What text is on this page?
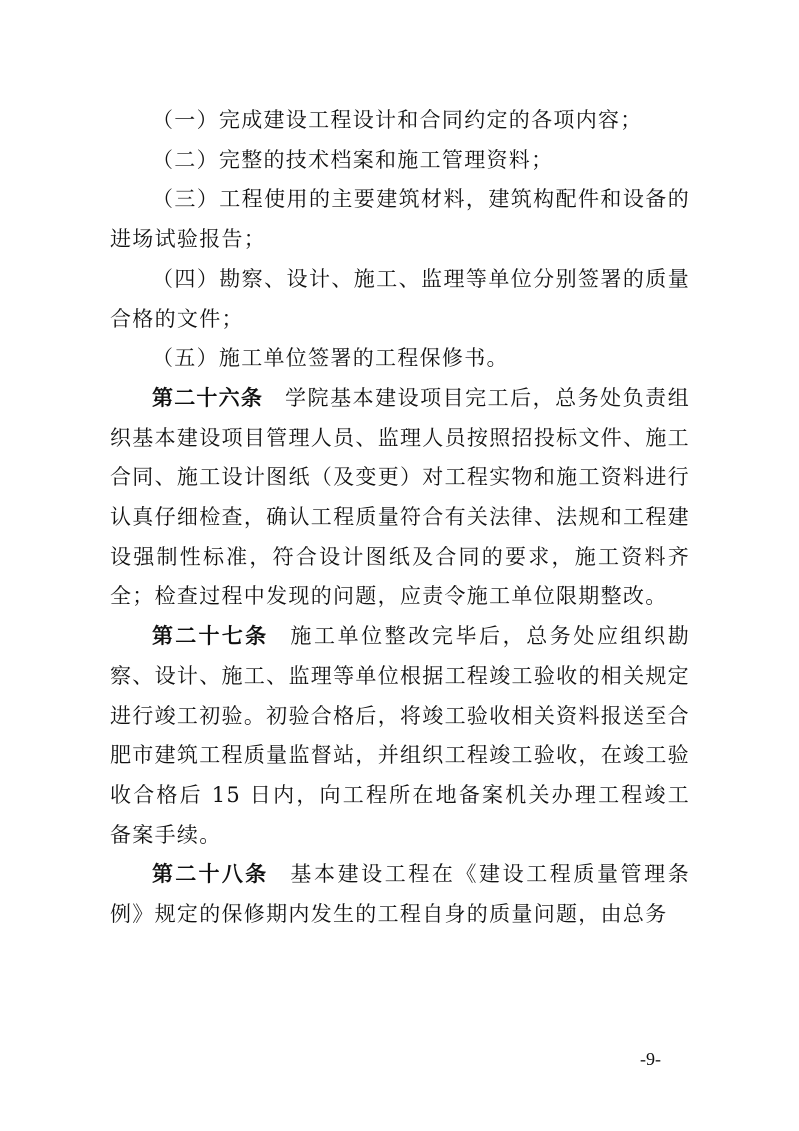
（一）完成建设工程设计和合同约定的各项内容；

（二）完整的技术档案和施工管理资料；

（三）工程使用的主要建筑材料，建筑构配件和设备的进场试验报告；

（四）勘察、设计、施工、监理等单位分别签署的质量合格的文件；

（五）施工单位签署的工程保修书。

第二十六条 学院基本建设项目完工后，总务处负责组织基本建设项目管理人员、监理人员按照招投标文件、施工合同、施工设计图纸（及变更）对工程实物和施工资料进行认真仔细检查，确认工程质量符合有关法律、法规和工程建设强制性标准，符合设计图纸及合同的要求，施工资料齐全；检查过程中发现的问题，应责令施工单位限期整改。

第二十七条 施工单位整改完毕后，总务处应组织勘察、设计、施工、监理等单位根据工程竣工验收的相关规定进行竣工初验。初验合格后，将竣工验收相关资料报送至合肥市建筑工程质量监督站，并组织工程竣工验收，在竣工验收合格后 15 日内，向工程所在地备案机关办理工程竣工备案手续。

第二十八条 基本建设工程在《建设工程质量管理条例》规定的保修期内发生的工程自身的质量问题，由总务

-9-
